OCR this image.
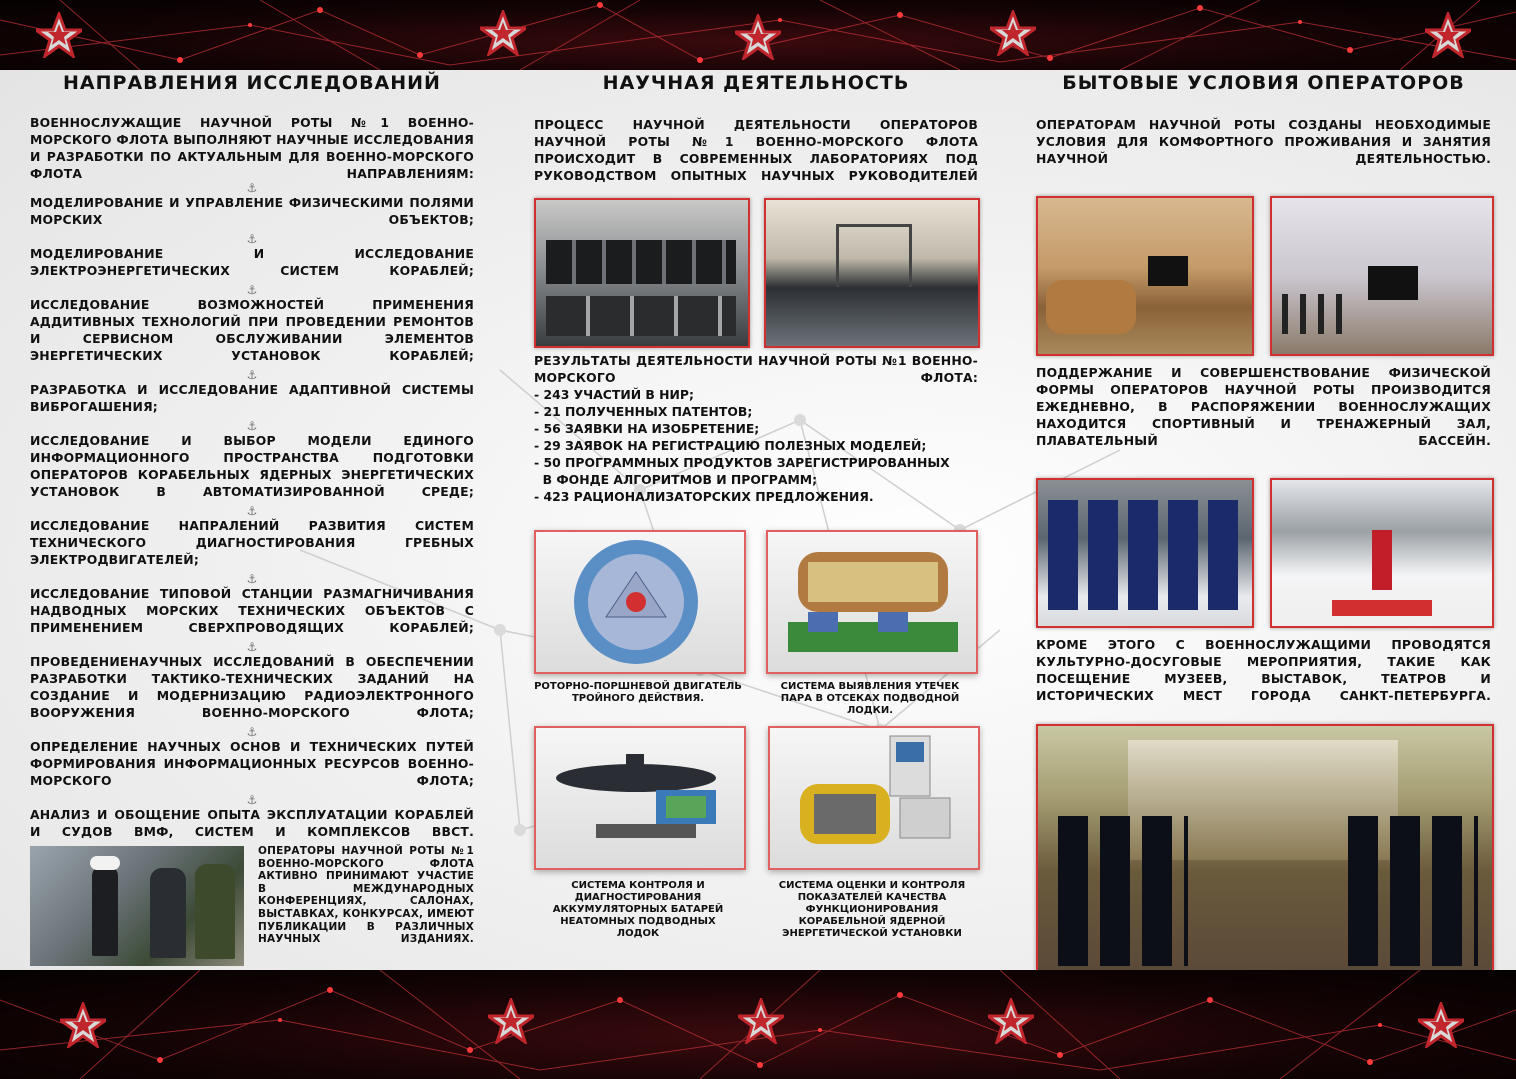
НАПРАВЛЕНИЯ ИССЛЕДОВАНИЙ
ВОЕННОСЛУЖАЩИЕ НАУЧНОЙ РОТЫ №1 ВОЕННО-МОРСКОГО ФЛОТА ВЫПОЛНЯЮТ НАУЧНЫЕ ИССЛЕДОВАНИЯ И РАЗРАБОТКИ ПО АКТУАЛЬНЫМ ДЛЯ ВОЕННО-МОРСКОГО ФЛОТА НАПРАВЛЕНИЯМ:
⚓
МОДЕЛИРОВАНИЕ И УПРАВЛЕНИЕ ФИЗИЧЕСКИМИ ПОЛЯМИ МОРСКИХ ОБЪЕКТОВ;
⚓
МОДЕЛИРОВАНИЕ И ИССЛЕДОВАНИЕ ЭЛЕКТРОЭНЕРГЕТИЧЕСКИХ СИСТЕМ КОРАБЛЕЙ;
⚓
ИССЛЕДОВАНИЕ ВОЗМОЖНОСТЕЙ ПРИМЕНЕНИЯ АДДИТИВНЫХ ТЕХНОЛОГИЙ ПРИ ПРОВЕДЕНИИ РЕМОНТОВ И СЕРВИСНОМ ОБСЛУЖИВАНИИ ЭЛЕМЕНТОВ ЭНЕРГЕТИЧЕСКИХ УСТАНОВОК КОРАБЛЕЙ;
⚓
РАЗРАБОТКА И ИССЛЕДОВАНИЕ АДАПТИВНОЙ СИСТЕМЫ ВИБРОГАШЕНИЯ;
⚓
ИССЛЕДОВАНИЕ И ВЫБОР МОДЕЛИ ЕДИНОГО ИНФОРМАЦИОННОГО ПРОСТРАНСТВА ПОДГОТОВКИ ОПЕРАТОРОВ КОРАБЕЛЬНЫХ ЯДЕРНЫХ ЭНЕРГЕТИЧЕСКИХ УСТАНОВОК В АВТОМАТИЗИРОВАННОЙ СРЕДЕ;
⚓
ИССЛЕДОВАНИЕ НАПРАЛЕНИЙ РАЗВИТИЯ СИСТЕМ ТЕХНИЧЕСКОГО ДИАГНОСТИРОВАНИЯ ГРЕБНЫХ ЭЛЕКТРОДВИГАТЕЛЕЙ;
⚓
ИССЛЕДОВАНИЕ ТИПОВОЙ СТАНЦИИ РАЗМАГНИЧИВАНИЯ НАДВОДНЫХ МОРСКИХ ТЕХНИЧЕСКИХ ОБЪЕКТОВ С ПРИМЕНЕНИЕМ СВЕРХПРОВОДЯЩИХ КОРАБЛЕЙ;
⚓
ПРОВЕДЕНИЕНАУЧНЫХ ИССЛЕДОВАНИЙ В ОБЕСПЕЧЕНИИ РАЗРАБОТКИ ТАКТИКО-ТЕХНИЧЕСКИХ ЗАДАНИЙ НА СОЗДАНИЕ И МОДЕРНИЗАЦИЮ РАДИОЭЛЕКТРОННОГО ВООРУЖЕНИЯ ВОЕННО-МОРСКОГО ФЛОТА;
⚓
ОПРЕДЕЛЕНИЕ НАУЧНЫХ ОСНОВ И ТЕХНИЧЕСКИХ ПУТЕЙ ФОРМИРОВАНИЯ ИНФОРМАЦИОННЫХ РЕСУРСОВ ВОЕННО-МОРСКОГО ФЛОТА;
⚓
АНАЛИЗ И ОБОЩЕНИЕ ОПЫТА ЭКСПЛУАТАЦИИ КОРАБЛЕЙ И СУДОВ ВМФ, СИСТЕМ И КОМПЛЕКСОВ ВВСТ.
ОПЕРАТОРЫ НАУЧНОЙ РОТЫ №1 ВОЕННО-МОРСКОГО ФЛОТА АКТИВНО ПРИНИМАЮТ УЧАСТИЕ В МЕЖДУНАРОДНЫХ КОНФЕРЕНЦИЯХ, САЛОНАХ, ВЫСТАВКАХ, КОНКУРСАХ, ИМЕЮТ ПУБЛИКАЦИИ В РАЗЛИЧНЫХ НАУЧНЫХ ИЗДАНИЯХ.
НАУЧНАЯ ДЕЯТЕЛЬНОСТЬ
ПРОЦЕСС НАУЧНОЙ ДЕЯТЕЛЬНОСТИ ОПЕРАТОРОВ НАУЧНОЙ РОТЫ №1 ВОЕННО-МОРСКОГО ФЛОТА ПРОИСХОДИТ В СОВРЕМЕННЫХ ЛАБОРАТОРИЯХ ПОД РУКОВОДСТВОМ ОПЫТНЫХ НАУЧНЫХ РУКОВОДИТЕЛЕЙ
РЕЗУЛЬТАТЫ ДЕЯТЕЛЬНОСТИ НАУЧНОЙ РОТЫ №1 ВОЕННО-МОРСКОГО ФЛОТА:
- 243 УЧАСТИЙ В НИР;
- 21 ПОЛУЧЕННЫХ ПАТЕНТОВ;
- 56 ЗАЯВКИ НА ИЗОБРЕТЕНИЕ;
- 29 ЗАЯВОК НА РЕГИСТРАЦИЮ ПОЛЕЗНЫХ МОДЕЛЕЙ;
- 50 ПРОГРАММНЫХ ПРОДУКТОВ ЗАРЕГИСТРИРОВАННЫХ
В ФОНДЕ АЛГОРИТМОВ И ПРОГРАММ;
- 423 РАЦИОНАЛИЗАТОРСКИХ ПРЕДЛОЖЕНИЯ.
РОТОРНО-ПОРШНЕВОЙ ДВИГАТЕЛЬ ТРОЙНОГО ДЕЙСТВИЯ.
СИСТЕМА ВЫЯВЛЕНИЯ УТЕЧЕК ПАРА В ОТСЕКАХ ПОДВОДНОЙ ЛОДКИ.
СИСТЕМА КОНТРОЛЯ И ДИАГНОСТИРОВАНИЯ АККУМУЛЯТОРНЫХ БАТАРЕЙ НЕАТОМНЫХ ПОДВОДНЫХ ЛОДОК
СИСТЕМА ОЦЕНКИ И КОНТРОЛЯ ПОКАЗАТЕЛЕЙ КАЧЕСТВА ФУНКЦИОНИРОВАНИЯ КОРАБЕЛЬНОЙ ЯДЕРНОЙ ЭНЕРГЕТИЧЕСКОЙ УСТАНОВКИ
БЫТОВЫЕ УСЛОВИЯ ОПЕРАТОРОВ
ОПЕРАТОРАМ НАУЧНОЙ РОТЫ СОЗДАНЫ НЕОБХОДИМЫЕ УСЛОВИЯ ДЛЯ КОМФОРТНОГО ПРОЖИВАНИЯ И ЗАНЯТИЯ НАУЧНОЙ ДЕЯТЕЛЬНОСТЬЮ.
ПОДДЕРЖАНИЕ И СОВЕРШЕНСТВОВАНИЕ ФИЗИЧЕСКОЙ ФОРМЫ ОПЕРАТОРОВ НАУЧНОЙ РОТЫ ПРОИЗВОДИТСЯ ЕЖЕДНЕВНО, В РАСПОРЯЖЕНИИ ВОЕННОСЛУЖАЩИХ НАХОДИТСЯ СПОРТИВНЫЙ И ТРЕНАЖЕРНЫЙ ЗАЛ, ПЛАВАТЕЛЬНЫЙ БАССЕЙН.
КРОМЕ ЭТОГО С ВОЕННОСЛУЖАЩИМИ ПРОВОДЯТСЯ КУЛЬТУРНО-ДОСУГОВЫЕ МЕРОПРИЯТИЯ, ТАКИЕ КАК ПОСЕЩЕНИЕ МУЗЕЕВ, ВЫСТАВОК, ТЕАТРОВ И ИСТОРИЧЕСКИХ МЕСТ ГОРОДА САНКТ-ПЕТЕРБУРГА.
